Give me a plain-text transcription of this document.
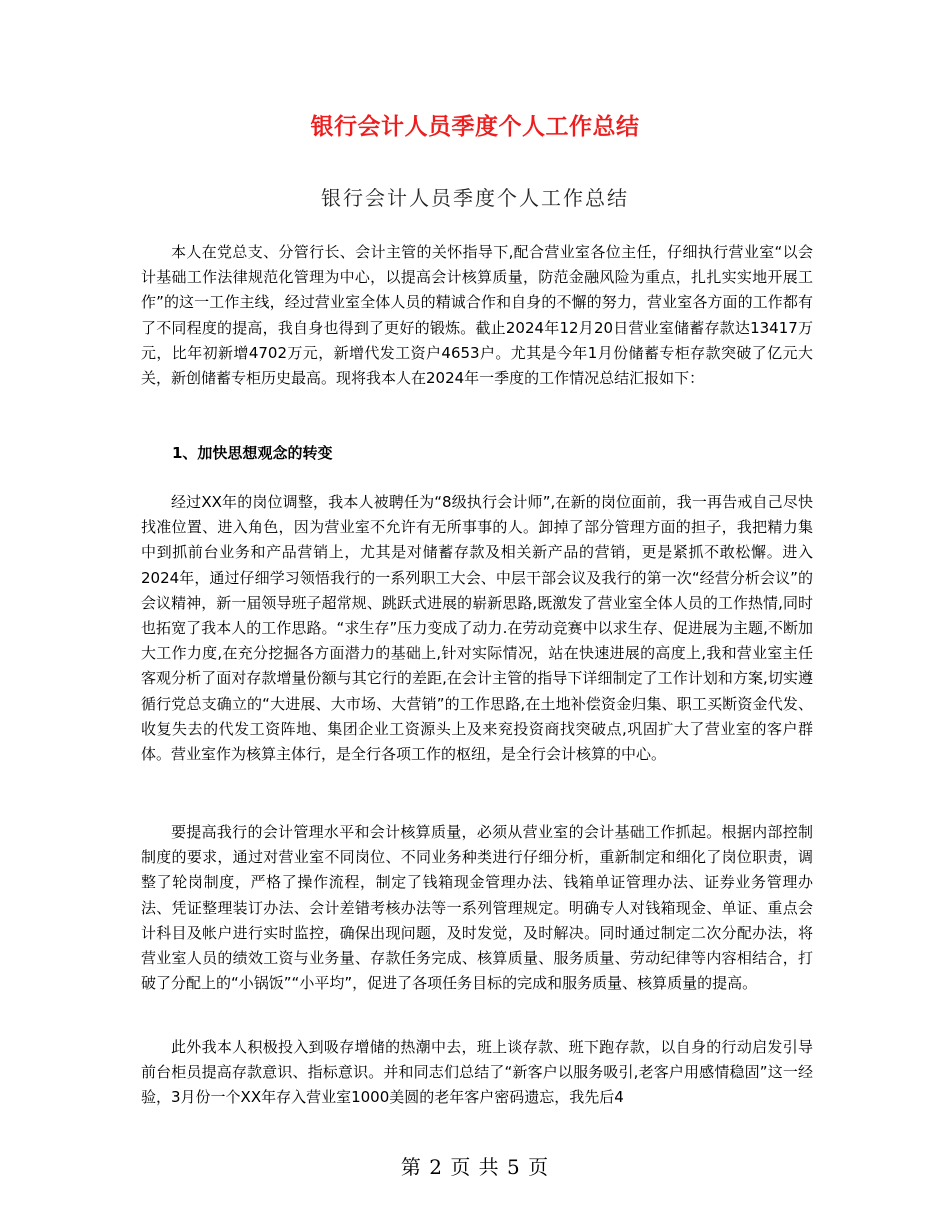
银行会计人员季度个人工作总结
银行会计人员季度个人工作总结

本人在党总支、分管行长、会计主管的关怀指导下,配合营业室各位主任，仔细执行营业室“以会计基础工作法律规范化管理为中心，以提高会计核算质量，防范金融风险为重点，扎扎实实地开展工作”的这一工作主线，经过营业室全体人员的精诚合作和自身的不懈的努力，营业室各方面的工作都有了不同程度的提高，我自身也得到了更好的锻炼。截止2024年12月20日营业室储蓄存款达13417万元，比年初新增4702万元，新增代发工资户4653户。尤其是今年1月份储蓄专柜存款突破了亿元大关，新创储蓄专柜历史最高。现将我本人在2024年一季度的工作情况总结汇报如下：

1、加快思想观念的转变

经过XX年的岗位调整，我本人被聘任为“8级执行会计师”,在新的岗位面前，我一再告戒自己尽快找准位置、进入角色，因为营业室不允许有无所事事的人。卸掉了部分管理方面的担子，我把精力集中到抓前台业务和产品营销上，尤其是对储蓄存款及相关新产品的营销，更是紧抓不敢松懈。进入2024年，通过仔细学习领悟我行的一系列职工大会、中层干部会议及我行的第一次“经营分析会议”的会议精神，新一届领导班子超常规、跳跃式进展的崭新思路,既激发了营业室全体人员的工作热情,同时也拓宽了我本人的工作思路。“求生存”压力变成了动力.在劳动竞赛中以求生存、促进展为主题,不断加大工作力度,在充分挖掘各方面潜力的基础上,针对实际情况，站在快速进展的高度上,我和营业室主任客观分析了面对存款增量份额与其它行的差距,在会计主管的指导下详细制定了工作计划和方案,切实遵循行党总支确立的“大进展、大市场、大营销”的工作思路,在土地补偿资金归集、职工买断资金代发、收复失去的代发工资阵地、集团企业工资源头上及来兖投资商找突破点,巩固扩大了营业室的客户群体。营业室作为核算主体行，是全行各项工作的枢纽，是全行会计核算的中心。

要提高我行的会计管理水平和会计核算质量，必须从营业室的会计基础工作抓起。根据内部控制制度的要求，通过对营业室不同岗位、不同业务种类进行仔细分析，重新制定和细化了岗位职责，调整了轮岗制度，严格了操作流程，制定了钱箱现金管理办法、钱箱单证管理办法、证券业务管理办法、凭证整理装订办法、会计差错考核办法等一系列管理规定。明确专人对钱箱现金、单证、重点会计科目及帐户进行实时监控，确保出现问题，及时发觉，及时解决。同时通过制定二次分配办法，将营业室人员的绩效工资与业务量、存款任务完成、核算质量、服务质量、劳动纪律等内容相结合，打破了分配上的“小锅饭”“小平均”，促进了各项任务目标的完成和服务质量、核算质量的提高。

此外我本人积极投入到吸存增储的热潮中去，班上谈存款、班下跑存款，以自身的行动启发引导前台柜员提高存款意识、指标意识。并和同志们总结了“新客户以服务吸引,老客户用感情稳固”这一经验，3月份一个XX年存入营业室1000美圆的老年客户密码遗忘，我先后4

第 2 页 共 5 页
